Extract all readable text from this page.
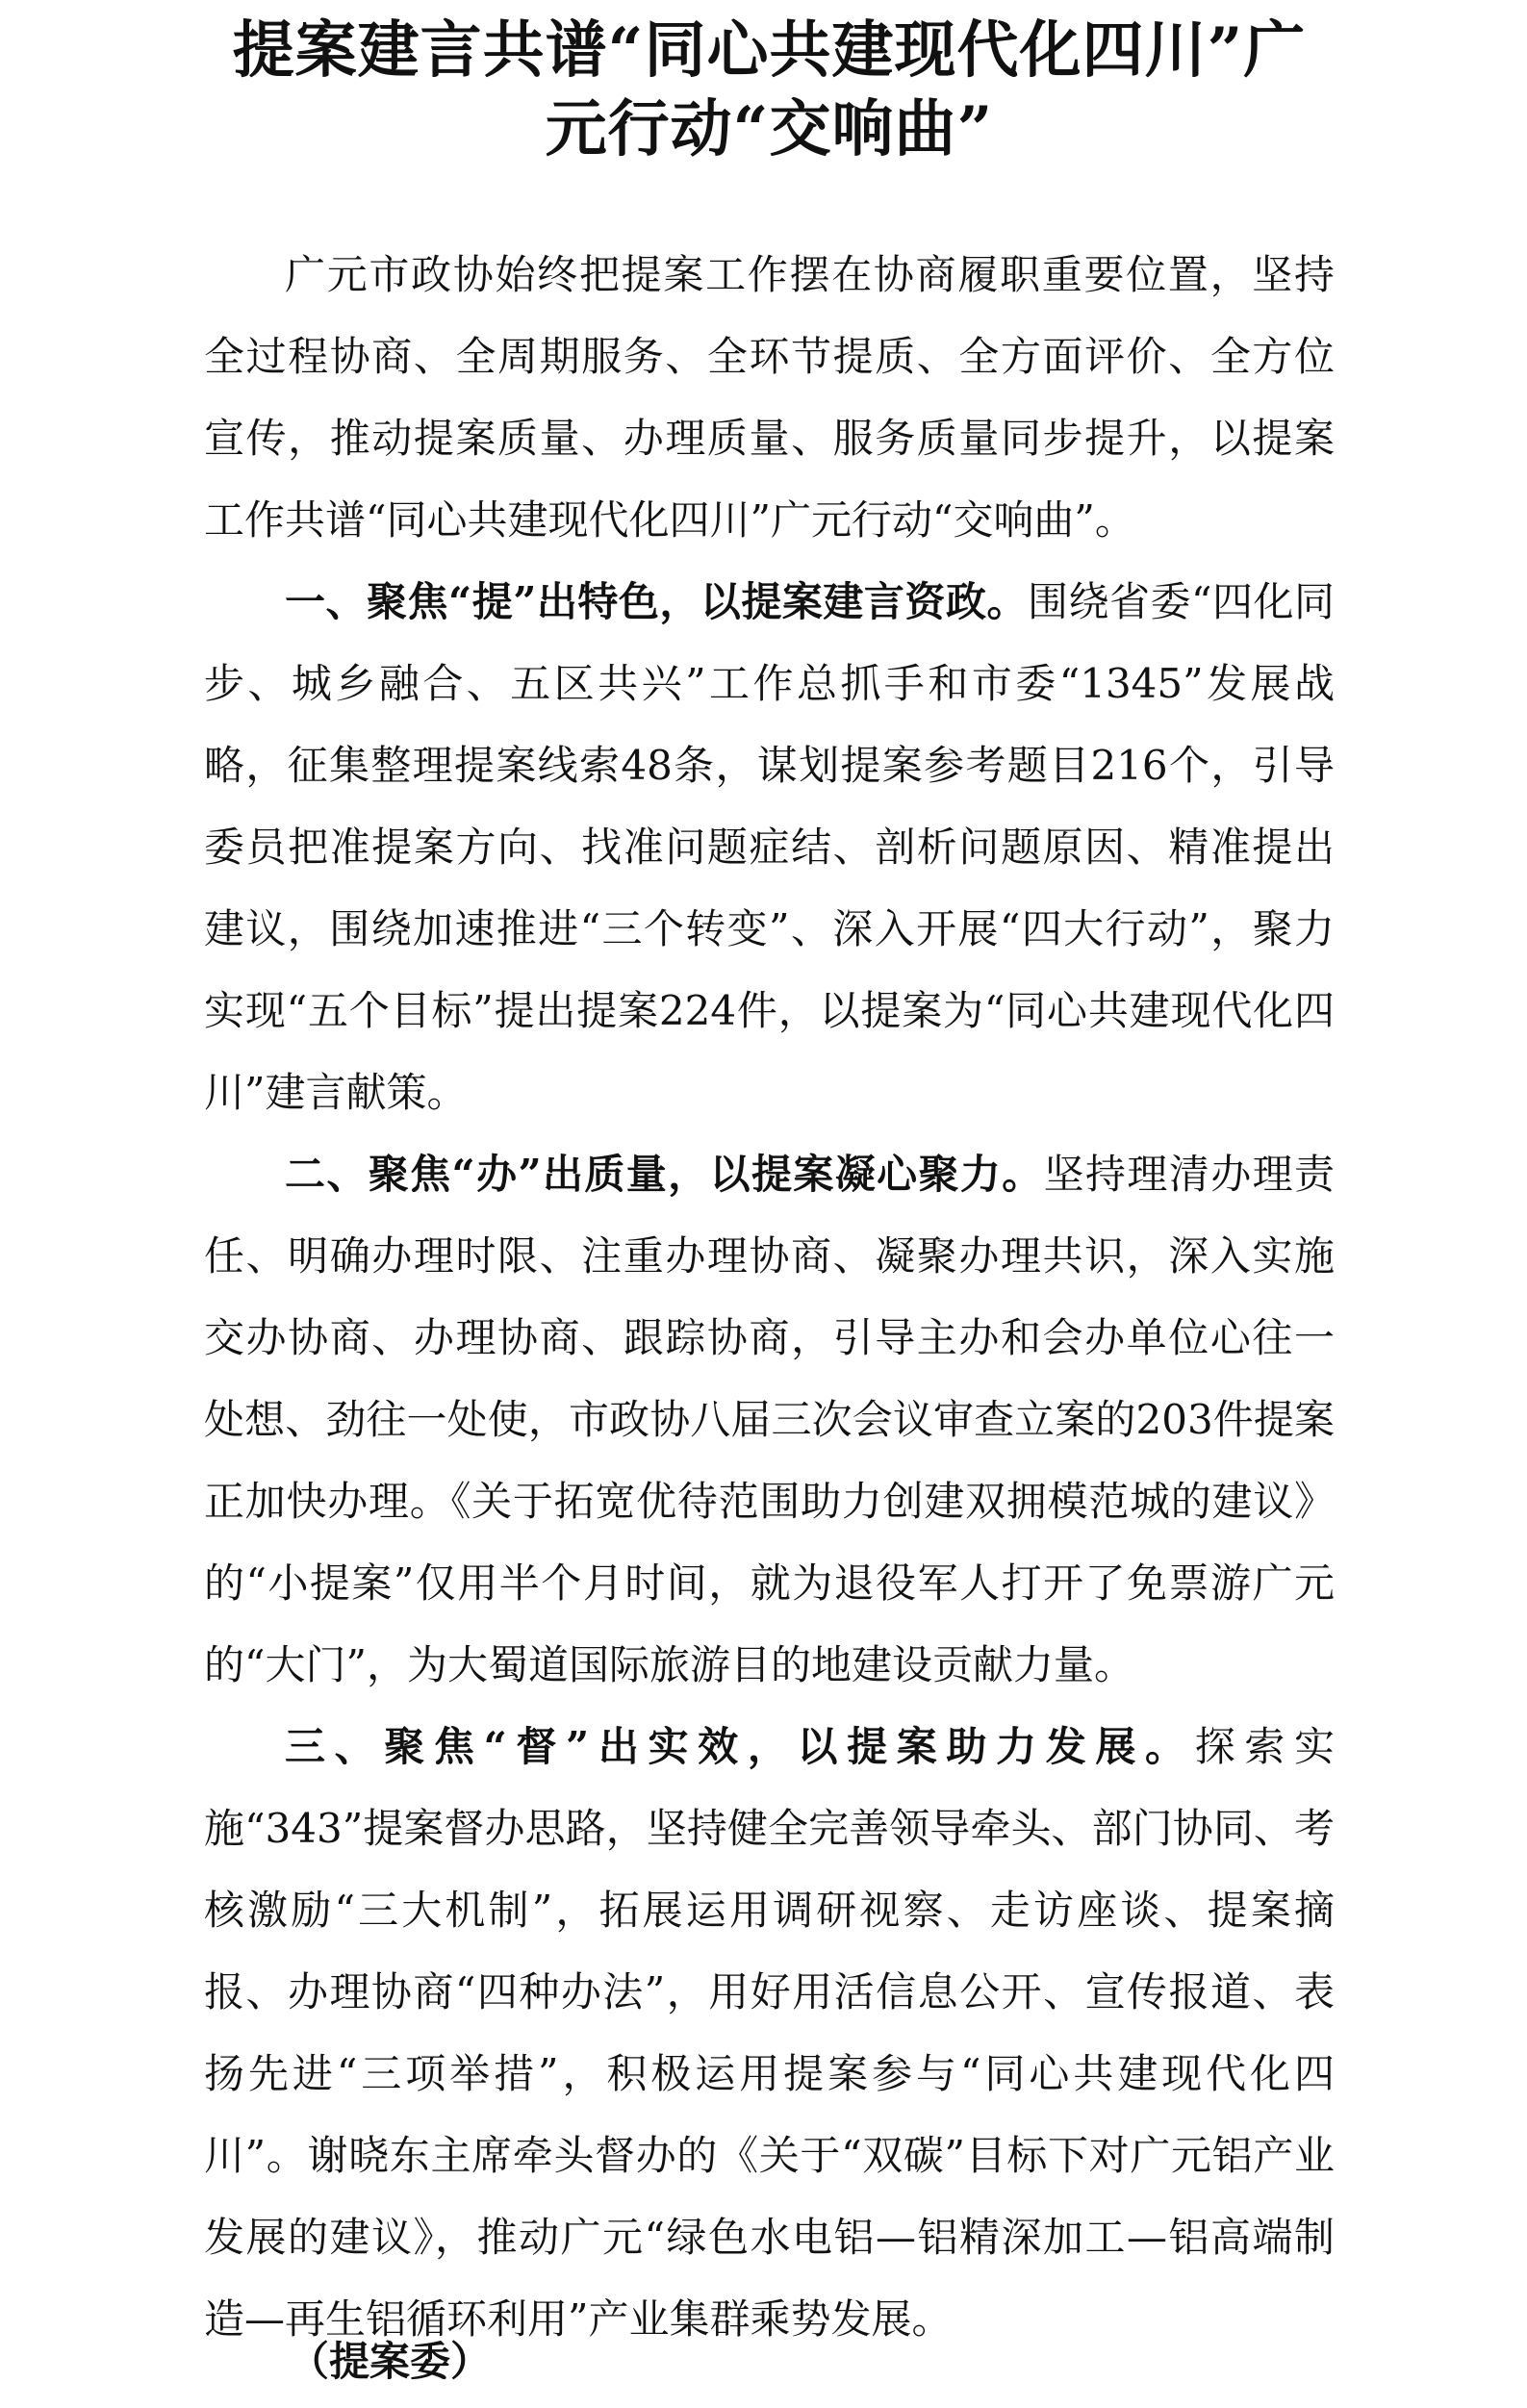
提案建言共谱“同心共建现代化四川”广元行动“交响曲”

广元市政协始终把提案工作摆在协商履职重要位置，坚持全过程协商、全周期服务、全环节提质、全方面评价、全方位宣传，推动提案质量、办理质量、服务质量同步提升，以提案工作共谱“同心共建现代化四川”广元行动“交响曲”。

一、聚焦“提”出特色，以提案建言资政。围绕省委“四化同步、城乡融合、五区共兴”工作总抓手和市委“1345”发展战略，征集整理提案线索48条，谋划提案参考题目216个，引导委员把准提案方向、找准问题症结、剖析问题原因、精准提出建议，围绕加速推进“三个转变”、深入开展“四大行动”，聚力实现“五个目标”提出提案224件，以提案为“同心共建现代化四川”建言献策。

二、聚焦“办”出质量，以提案凝心聚力。坚持理清办理责任、明确办理时限、注重办理协商、凝聚办理共识，深入实施交办协商、办理协商、跟踪协商，引导主办和会办单位心往一处想、劲往一处使，市政协八届三次会议审查立案的203件提案正加快办理。《关于拓宽优待范围助力创建双拥模范城的建议》的“小提案”仅用半个月时间，就为退役军人打开了免票游广元的“大门”，为大蜀道国际旅游目的地建设贡献力量。

三、聚焦“督”出实效，以提案助力发展。探索实施“343”提案督办思路，坚持健全完善领导牵头、部门协同、考核激励“三大机制”，拓展运用调研视察、走访座谈、提案摘报、办理协商“四种办法”，用好用活信息公开、宣传报道、表扬先进“三项举措”，积极运用提案参与“同心共建现代化四川”。谢晓东主席牵头督办的《关于“双碳”目标下对广元铝产业发展的建议》，推动广元“绿色水电铝—铝精深加工—铝高端制造—再生铝循环利用”产业集群乘势发展。

（提案委）
